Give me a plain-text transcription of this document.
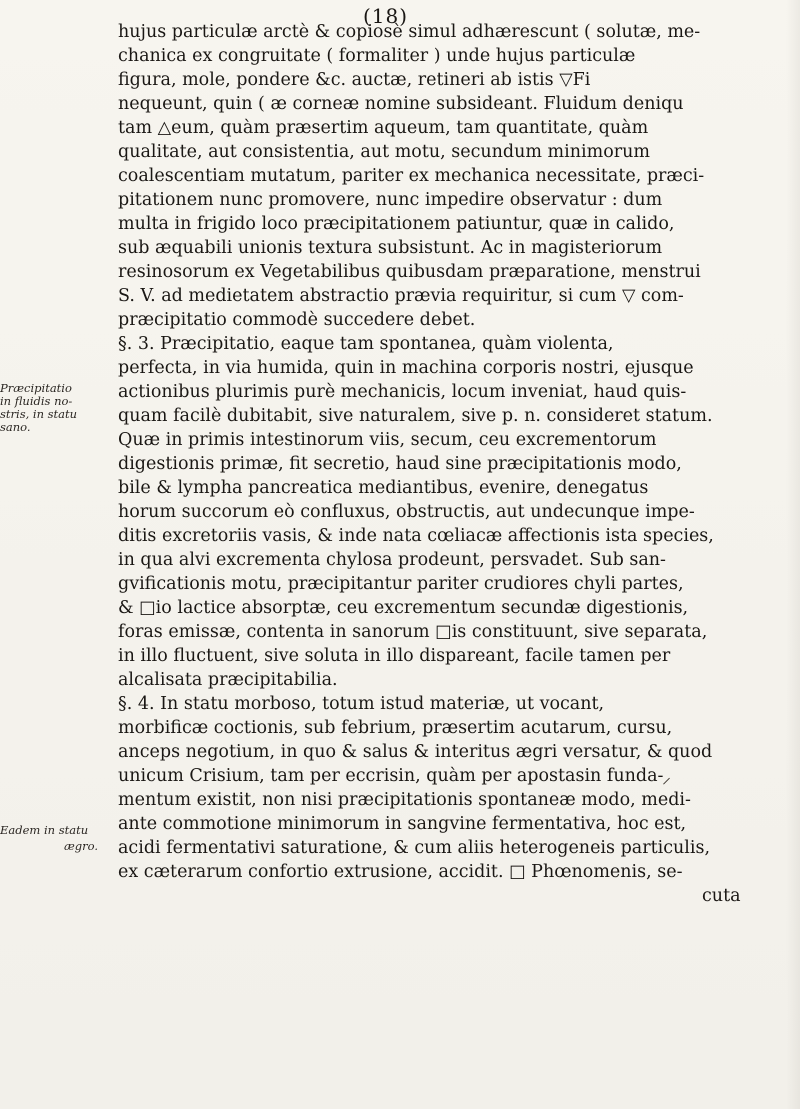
(18)
Præcipitatio
in fluidis no-
stris, in statu
sano.
Eadem in statu
ægro.
hujus particulæ arctè & copiosè simul adhærescunt ( solutæ, me-
chanica ex congruitate ( formaliter ) unde hujus particulæ
figura, mole, pondere &c. auctæ, retineri ab istis ▽Fi
nequeunt, quin ( æ corneæ nomine subsideant. Fluidum deniqu
tam △eum, quàm præsertim aqueum, tam quantitate, quàm
qualitate, aut consistentia, aut motu, secundum minimorum
coalescentiam mutatum, pariter ex mechanica necessitate, præci-
pitationem nunc promovere, nunc impedire observatur : dum
multa in frigido loco præcipitationem patiuntur, quæ in calido,
sub æquabili unionis textura subsistunt. Ac in magisteriorum
resinosorum ex Vegetabilibus quibusdam præparatione, menstrui
S. V. ad medietatem abstractio prævia requiritur, si cum ▽ com-
præcipitatio commodè succedere debet.
§. 3. Præcipitatio, eaque tam spontanea, quàm violenta,
perfecta, in via humida, quin in machina corporis nostri, ejusque
actionibus plurimis purè mechanicis, locum inveniat, haud quis-
quam facilè dubitabit, sive naturalem, sive p. n. consideret statum.
Quæ in primis intestinorum viis, secum, ceu excrementorum
digestionis primæ, fit secretio, haud sine præcipitationis modo,
bile & lympha pancreatica mediantibus, evenire, denegatus
horum succorum eò confluxus, obstructis, aut undecunque impe-
ditis excretoriis vasis, & inde nata cœliacæ affectionis ista species,
in qua alvi excrementa chylosa prodeunt, persvadet. Sub san-
gvificationis motu, præcipitantur pariter crudiores chyli partes,
& □io lactice absorptæ, ceu excrementum secundæ digestionis,
foras emissæ, contenta in sanorum □is constituunt, sive separata,
in illo fluctuent, sive soluta in illo dispareant, facile tamen per
alcalisata præcipitabilia.
§. 4. In statu morboso, totum istud materiæ, ut vocant,
morbificæ coctionis, sub febrium, præsertim acutarum, cursu,
anceps negotium, in quo & salus & interitus ægri versatur, & quod
unicum Crisium, tam per eccrisin, quàm per apostasin funda-
mentum existit, non nisi præcipitationis spontaneæ modo, medi-
ante commotione minimorum in sangvine fermentativa, hoc est,
acidi fermentativi saturatione, & cum aliis heterogeneis particulis,
ex cæterarum confortio extrusione, accidit. □ Phœnomenis, se-
cuta
⸝
